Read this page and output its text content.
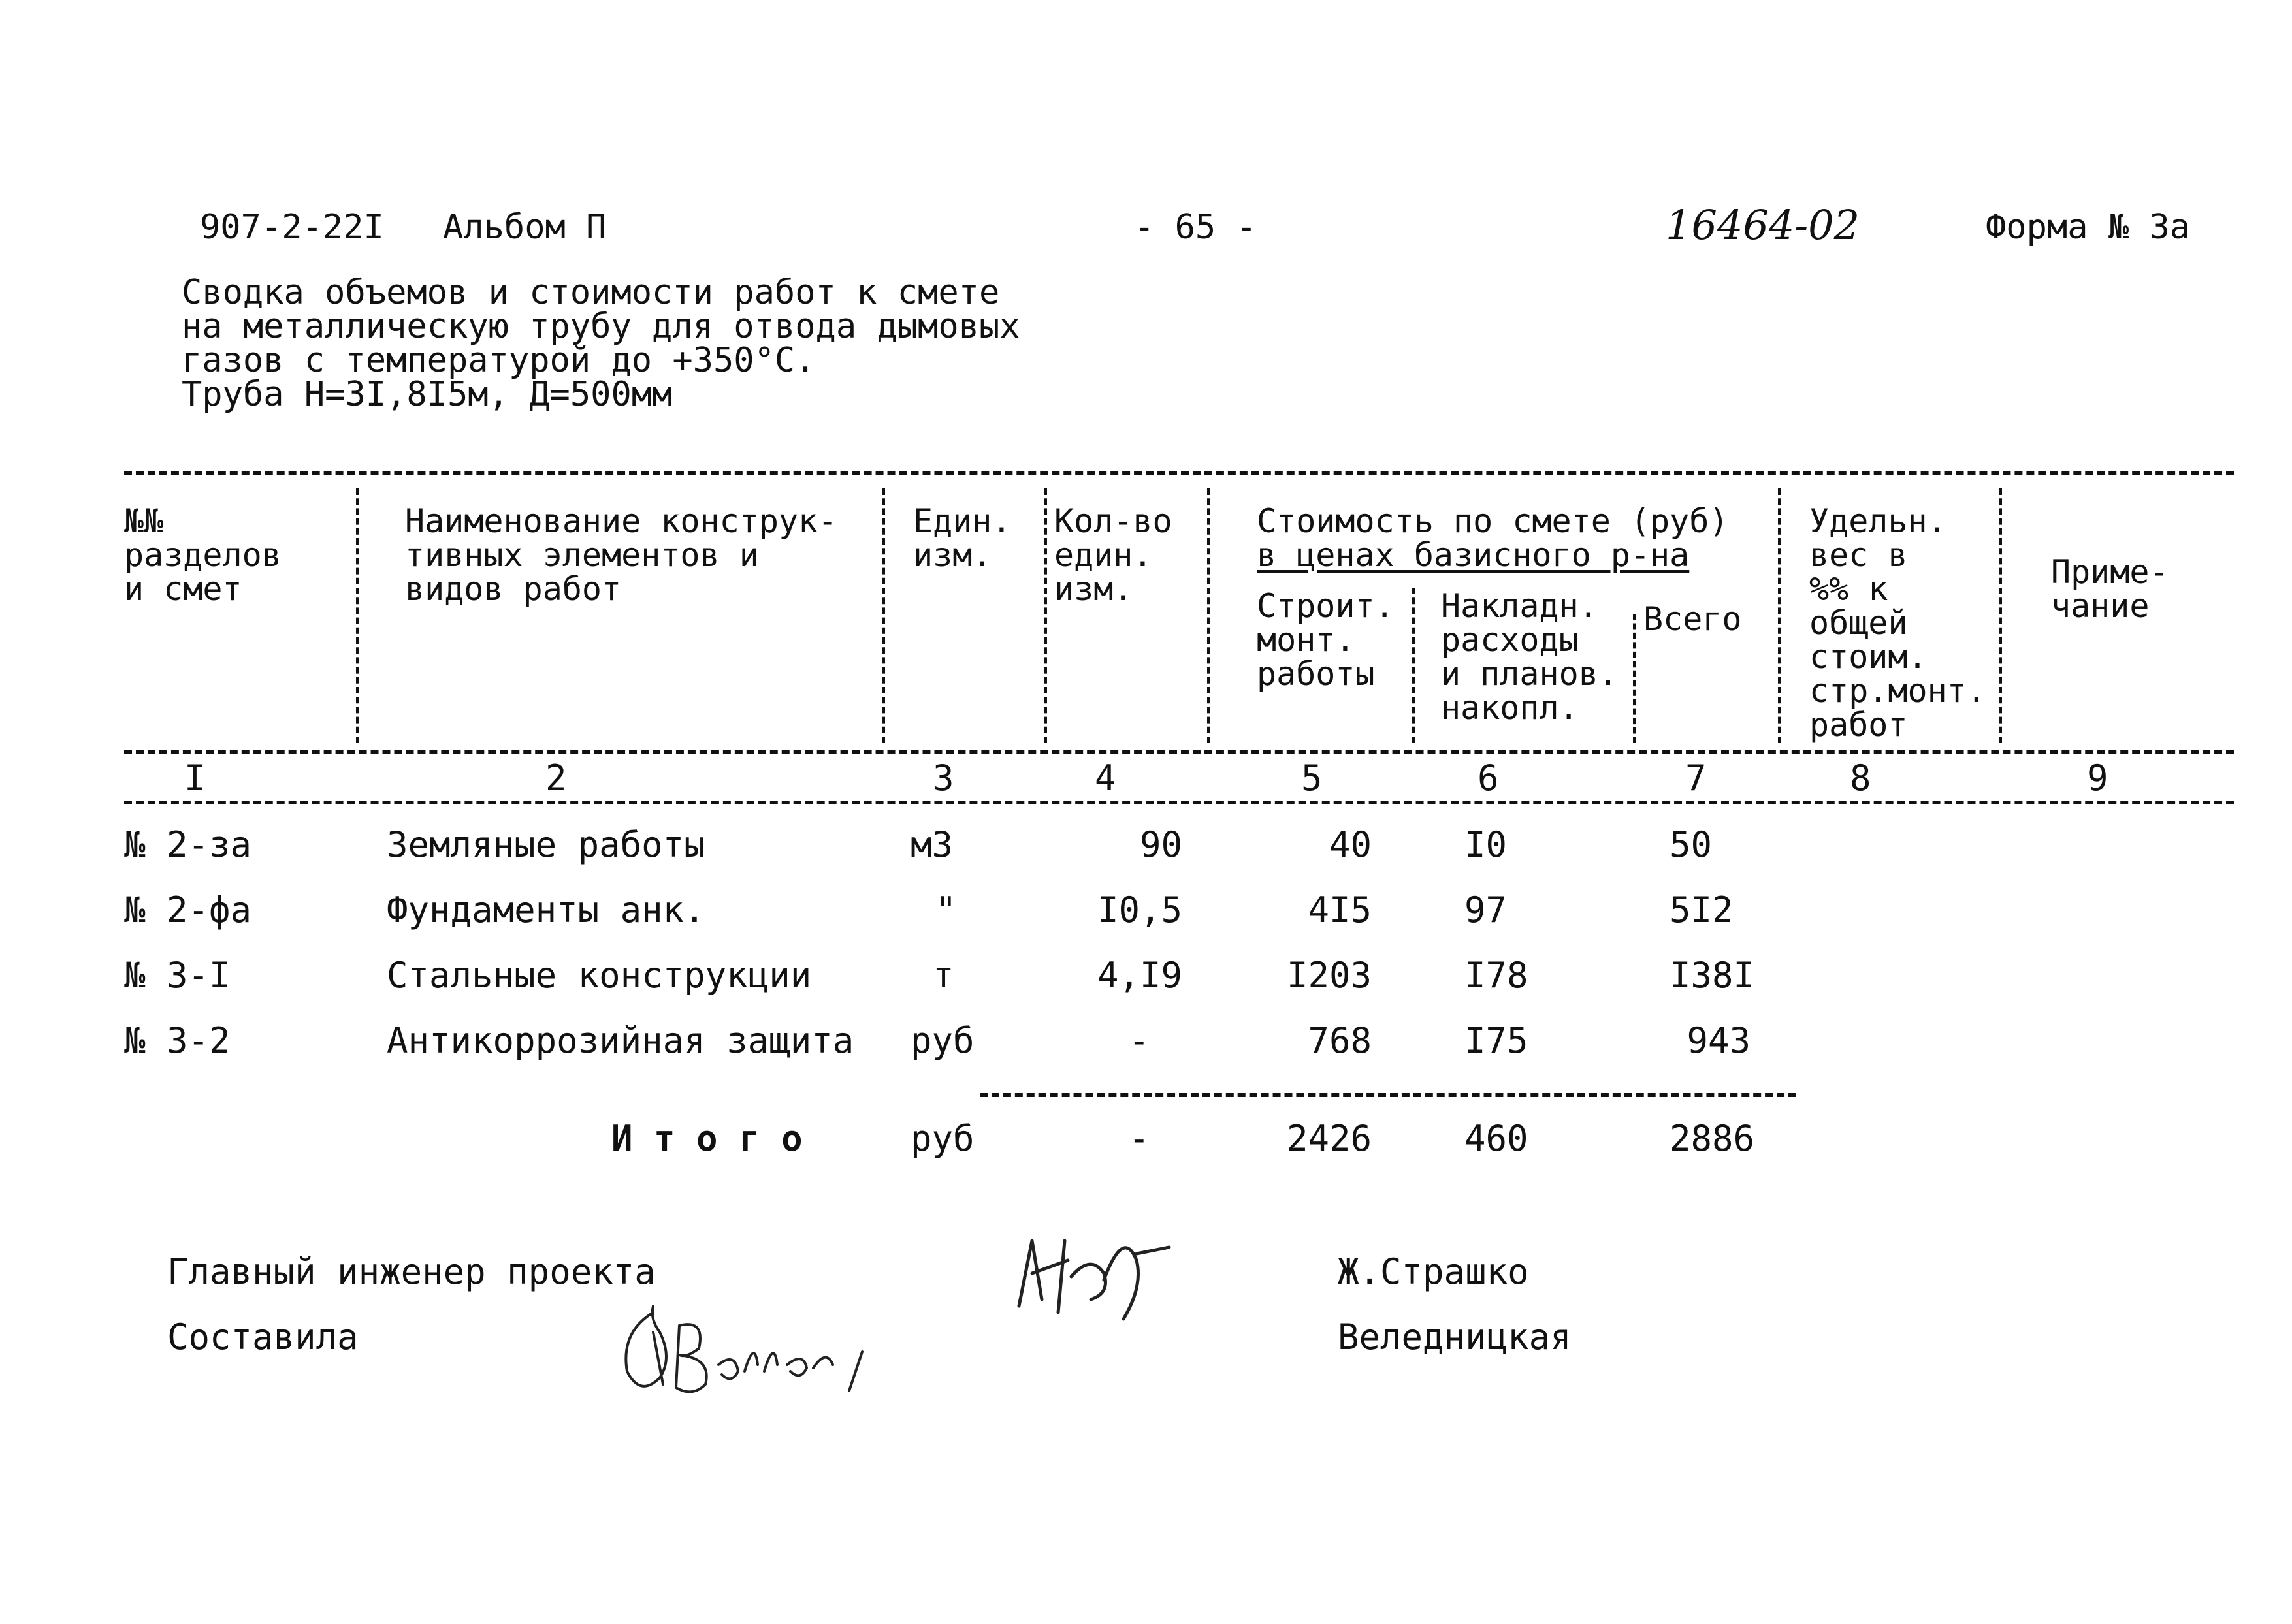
907-2-22I Альбом П	- 65 -	16464-02	Форма № 3а
Сводка объемов и стоимости работ к смете
на металлическую трубу для отвода дымовых
газов с температурой до +350°С.
Труба Н=3I,8I5м, Д=500мм
№№
разделов
и смет
Наименование конструк-
тивных элементов и
видов работ
Един.
изм.
Кол-во
един.
изм.
Стоимость по смете (руб)
в ценах базисного р-на
Строит.
монт.
работы
Накладн.
расходы
и планов.
накопл.
Всего
Удельн.
вес в
%% к
общей
стоим.
стр.монт.
работ
Приме-
чание
I	2	3	4	5	6	7	8	9
№ 2-за	Земляные работы	м3	90	40	I0	50
№ 2-фа	Фундаменты анк.	"	I0,5	4I5	97	5I2
№ 3-I	Стальные конструкции	т	4,I9	I203	I78	I38I
№ 3-2	Антикоррозийная защита руб	-	768	I75	943
И т о г о	руб	-	2426	460	2886
Главный инженер проекта	Ж.Страшко
Составила	Веледницкая
